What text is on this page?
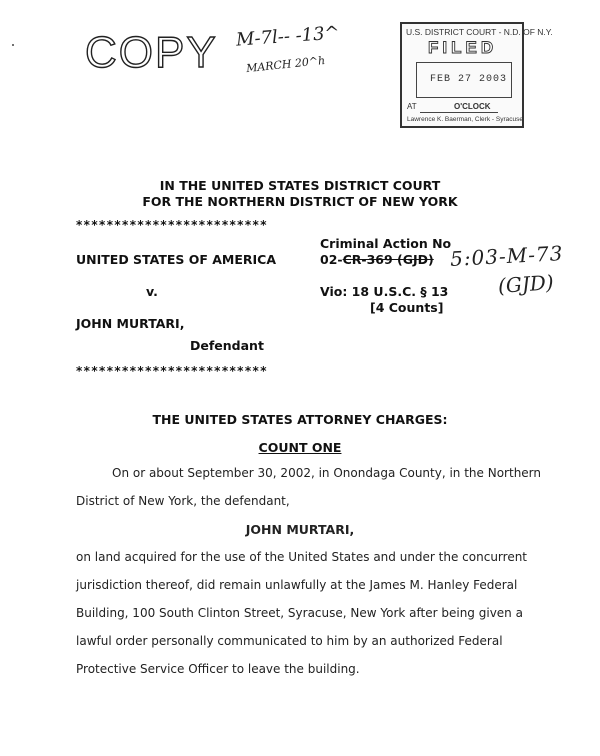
COPY M-7l-- -13^
MARCH 20^h
U.S. DISTRICT COURT - N.D. OF N.Y.
FILED
FEB 27 2003
AT	O'CLOCK
Lawrence K. Baerman, Clerk - Syracuse
IN THE UNITED STATES DISTRICT COURT
FOR THE NORTHERN DISTRICT OF NEW YORK
*************************
Criminal Action No
02-CR-369 (GJD) 5:03-M-73
UNITED STATES OF AMERICA
v.	Vio: 18 U.S.C. § 13 (GJD)
[4 Counts]
JOHN MURTARI,
Defendant
*************************
THE UNITED STATES ATTORNEY CHARGES:
COUNT ONE
On or about September 30, 2002, in Onondaga County, in the Northern
District of New York, the defendant,
JOHN MURTARI,
on land acquired for the use of the United States and under the concurrent
jurisdiction thereof, did remain unlawfully at the James M. Hanley Federal
Building, 100 South Clinton Street, Syracuse, New York after being given a
lawful order personally communicated to him by an authorized Federal
Protective Service Officer to leave the building.
